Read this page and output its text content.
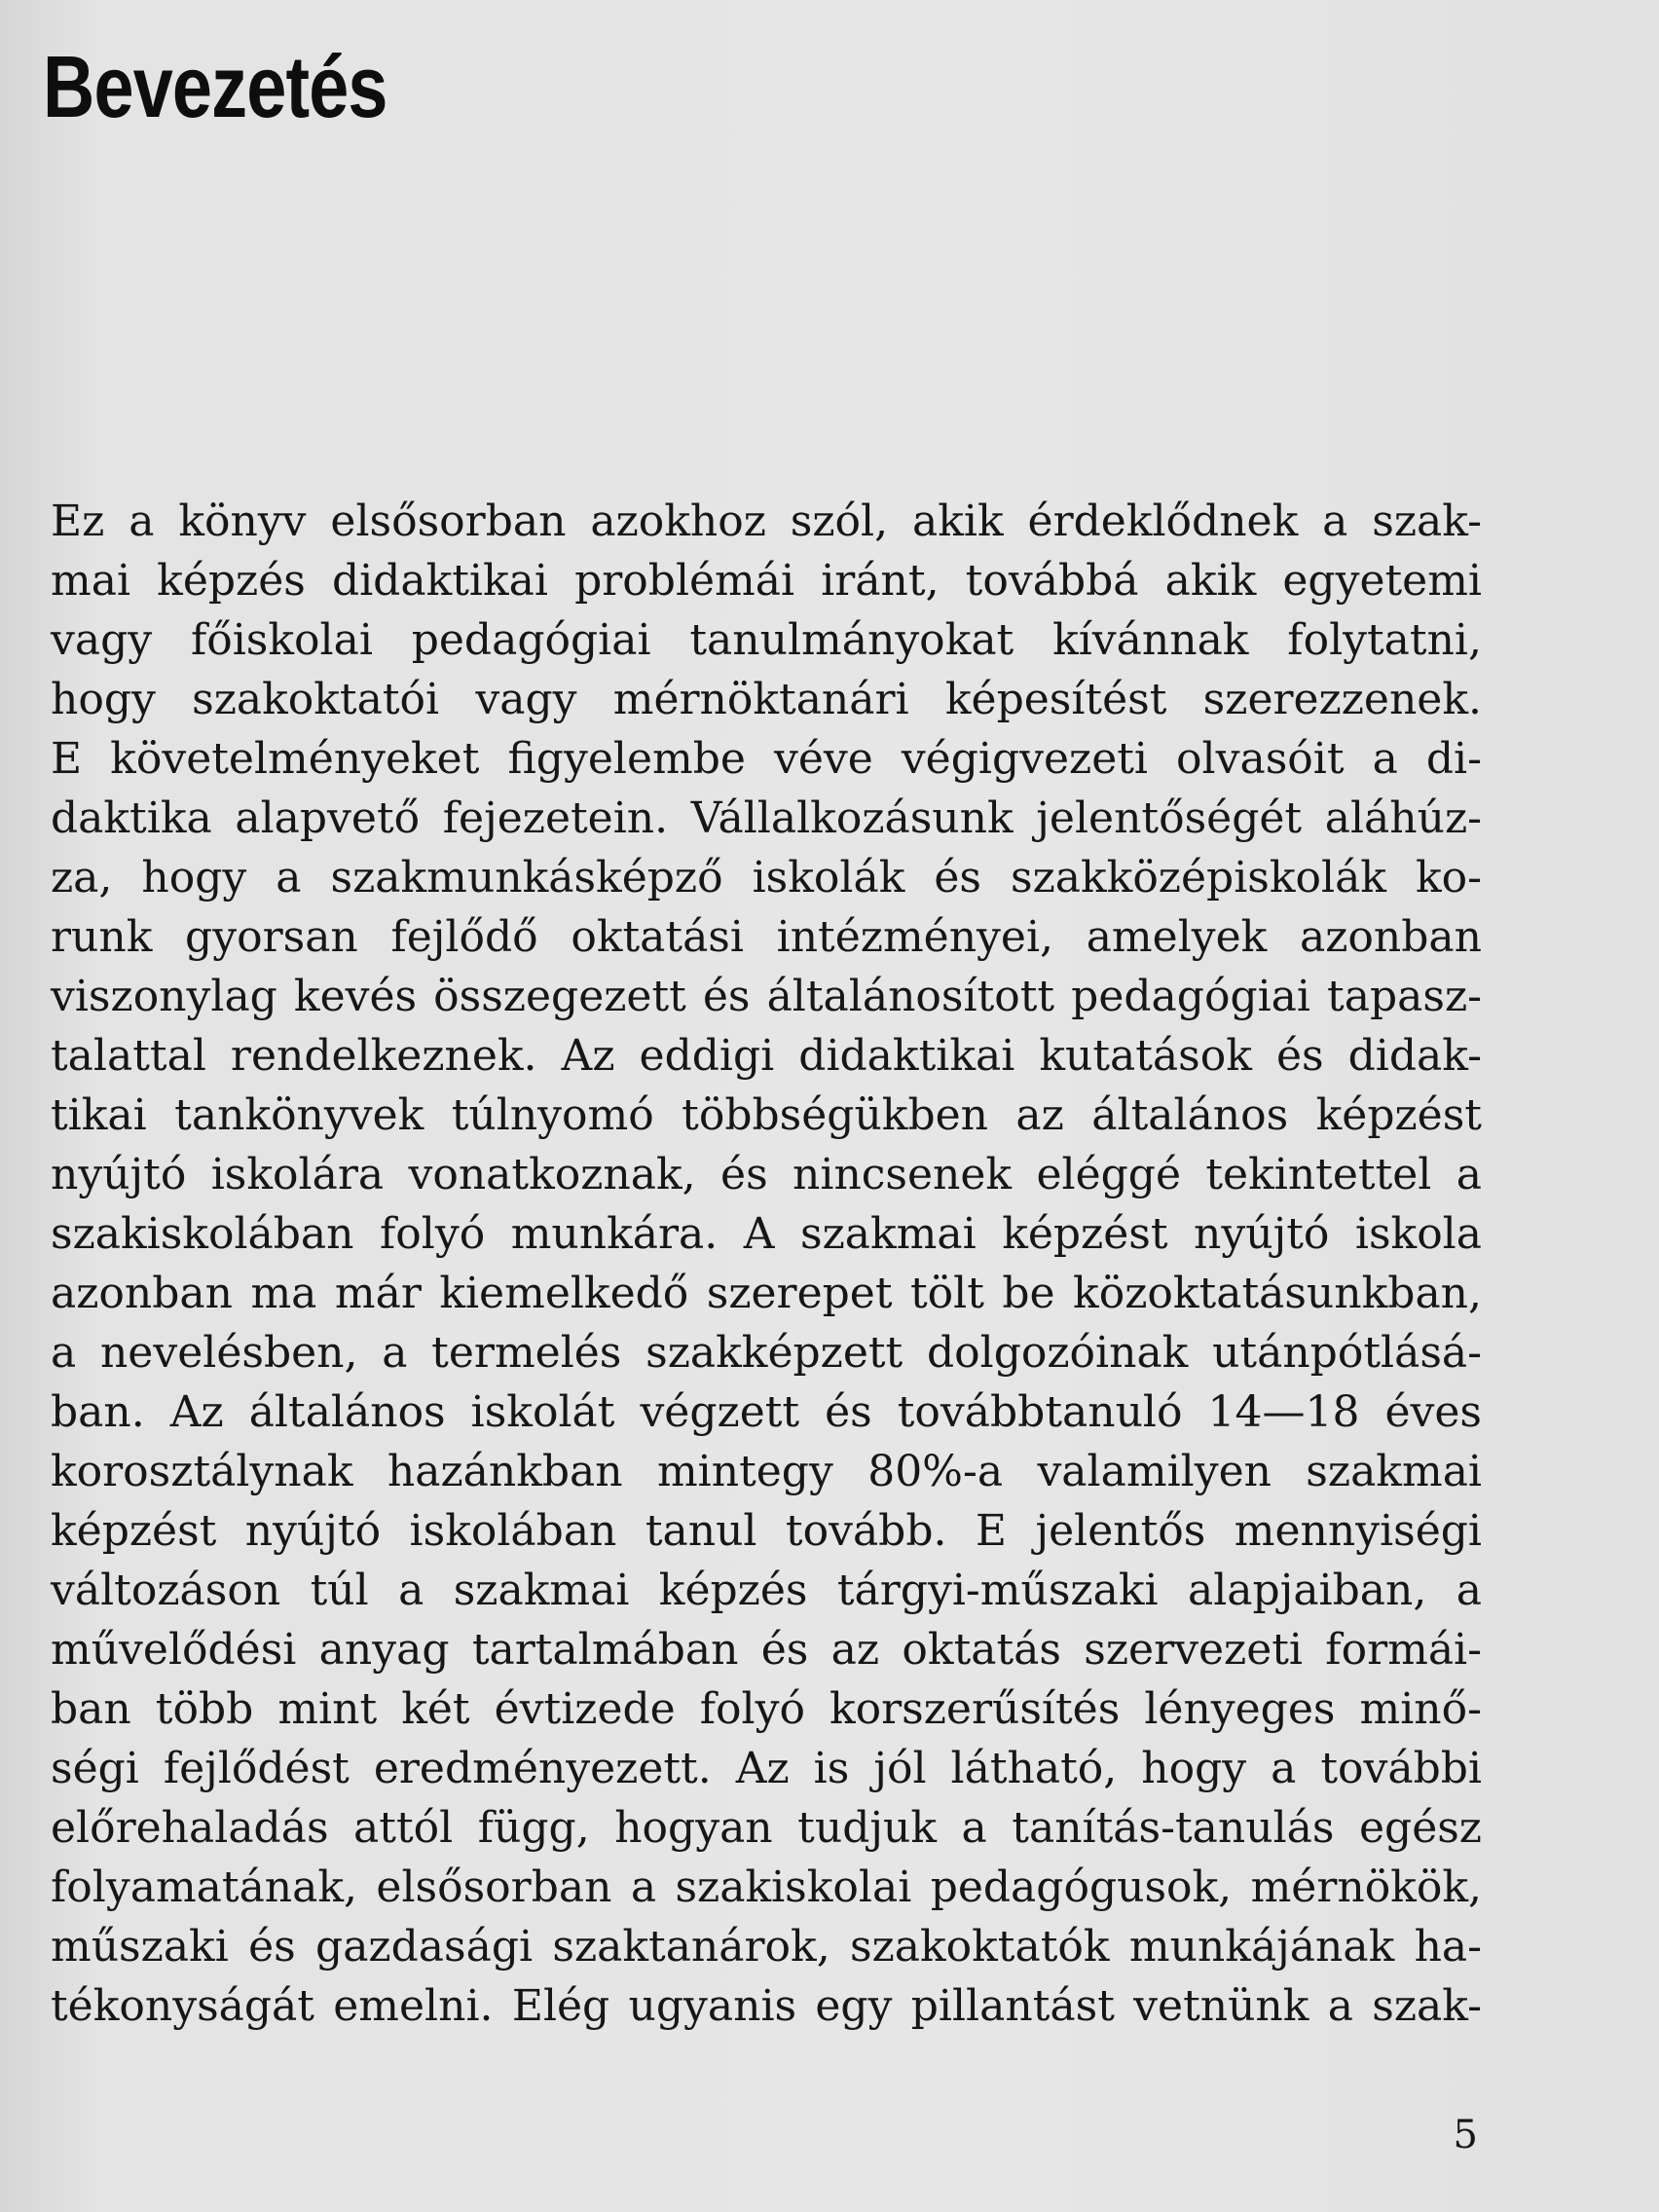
Bevezetés
Ez a könyv elsősorban azokhoz szól, akik érdeklődnek a szak-
mai képzés didaktikai problémái iránt, továbbá akik egyetemi
vagy főiskolai pedagógiai tanulmányokat kívánnak folytatni,
hogy szakoktatói vagy mérnöktanári képesítést szerezzenek.
E követelményeket figyelembe véve végigvezeti olvasóit a di-
daktika alapvető fejezetein. Vállalkozásunk jelentőségét aláhúz-
za, hogy a szakmunkásképző iskolák és szakközépiskolák ko-
runk gyorsan fejlődő oktatási intézményei, amelyek azonban
viszonylag kevés összegezett és általánosított pedagógiai tapasz-
talattal rendelkeznek. Az eddigi didaktikai kutatások és didak-
tikai tankönyvek túlnyomó többségükben az általános képzést
nyújtó iskolára vonatkoznak, és nincsenek eléggé tekintettel a
szakiskolában folyó munkára. A szakmai képzést nyújtó iskola
azonban ma már kiemelkedő szerepet tölt be közoktatásunkban,
a nevelésben, a termelés szakképzett dolgozóinak utánpótlásá-
ban. Az általános iskolát végzett és továbbtanuló 14—18 éves
korosztálynak hazánkban mintegy 80%-a valamilyen szakmai
képzést nyújtó iskolában tanul tovább. E jelentős mennyiségi
változáson túl a szakmai képzés tárgyi-műszaki alapjaiban, a
művelődési anyag tartalmában és az oktatás szervezeti formái-
ban több mint két évtizede folyó korszerűsítés lényeges minő-
ségi fejlődést eredményezett. Az is jól látható, hogy a további
előrehaladás attól függ, hogyan tudjuk a tanítás-tanulás egész
folyamatának, elsősorban a szakiskolai pedagógusok, mérnökök,
műszaki és gazdasági szaktanárok, szakoktatók munkájának ha-
tékonyságát emelni. Elég ugyanis egy pillantást vetnünk a szak-
5
